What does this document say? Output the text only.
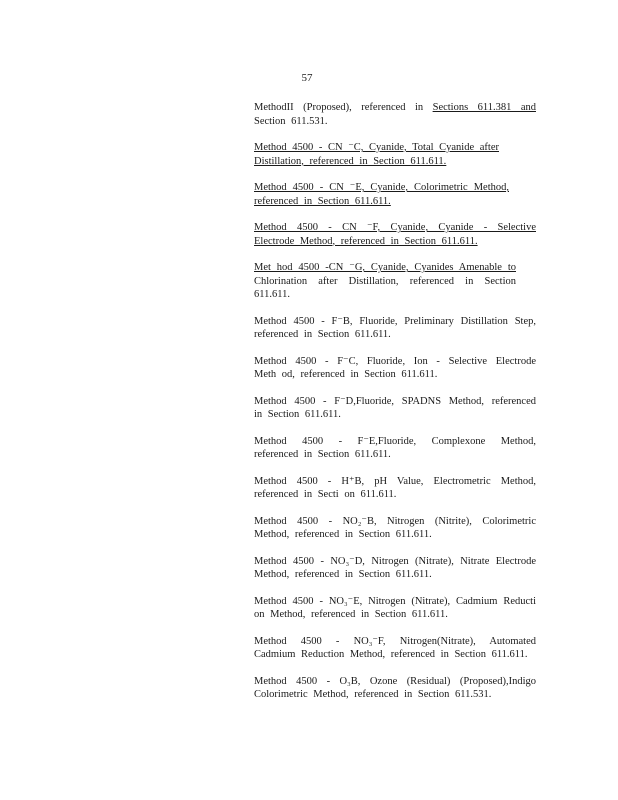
57

MethodII (Proposed), referenced in Sections 611.381 and Section 611.531.

Method 4500 - CN ⁻C, Cyanide, Total Cyanide after Distillation, referenced in Section 611.611.

Method 4500 - CN ⁻E, Cyanide, Colorimetric Method, referenced in Section 611.611.

Method 4500 - CN ⁻F, Cyanide, Cyanide - Selective Electrode Method, referenced in Section 611.611.

Met hod 4500 -CN ⁻G, Cyanide, Cyanides Amenable to Chlorination after Distillation, referenced in Section 611.611.

Method 4500 - F⁻B, Fluoride, Preliminary Distillation Step, referenced in Section 611.611.

Method 4500 - F⁻C, Fluoride, Ion - Selective Electrode Meth od, referenced in Section 611.611.

Method 4500 - F⁻D,Fluoride, SPADNS Method, referenced in Section 611.611.

Method 4500 - F⁻E,Fluoride, Complexone Method, referenced in Section 611.611.

Method 4500 - H⁺B, pH Value, Electrometric Method, referenced in Secti on 611.611.

Method 4500 - NO₂⁻B, Nitrogen (Nitrite), Colorimetric Method, referenced in Section 611.611.

Method 4500 - NO₃⁻D, Nitrogen (Nitrate), Nitrate Electrode Method, referenced in Section 611.611.

Method 4500 - NO₃⁻E, Nitrogen (Nitrate), Cadmium Reducti on Method, referenced in Section 611.611.

Method 4500 - NO₃⁻F, Nitrogen(Nitrate), Automated Cadmium Reduction Method, referenced in Section 611.611.

Method 4500 - O₃B, Ozone (Residual) (Proposed),Indigo Colorimetric Method, referenced in Section 611.531.
